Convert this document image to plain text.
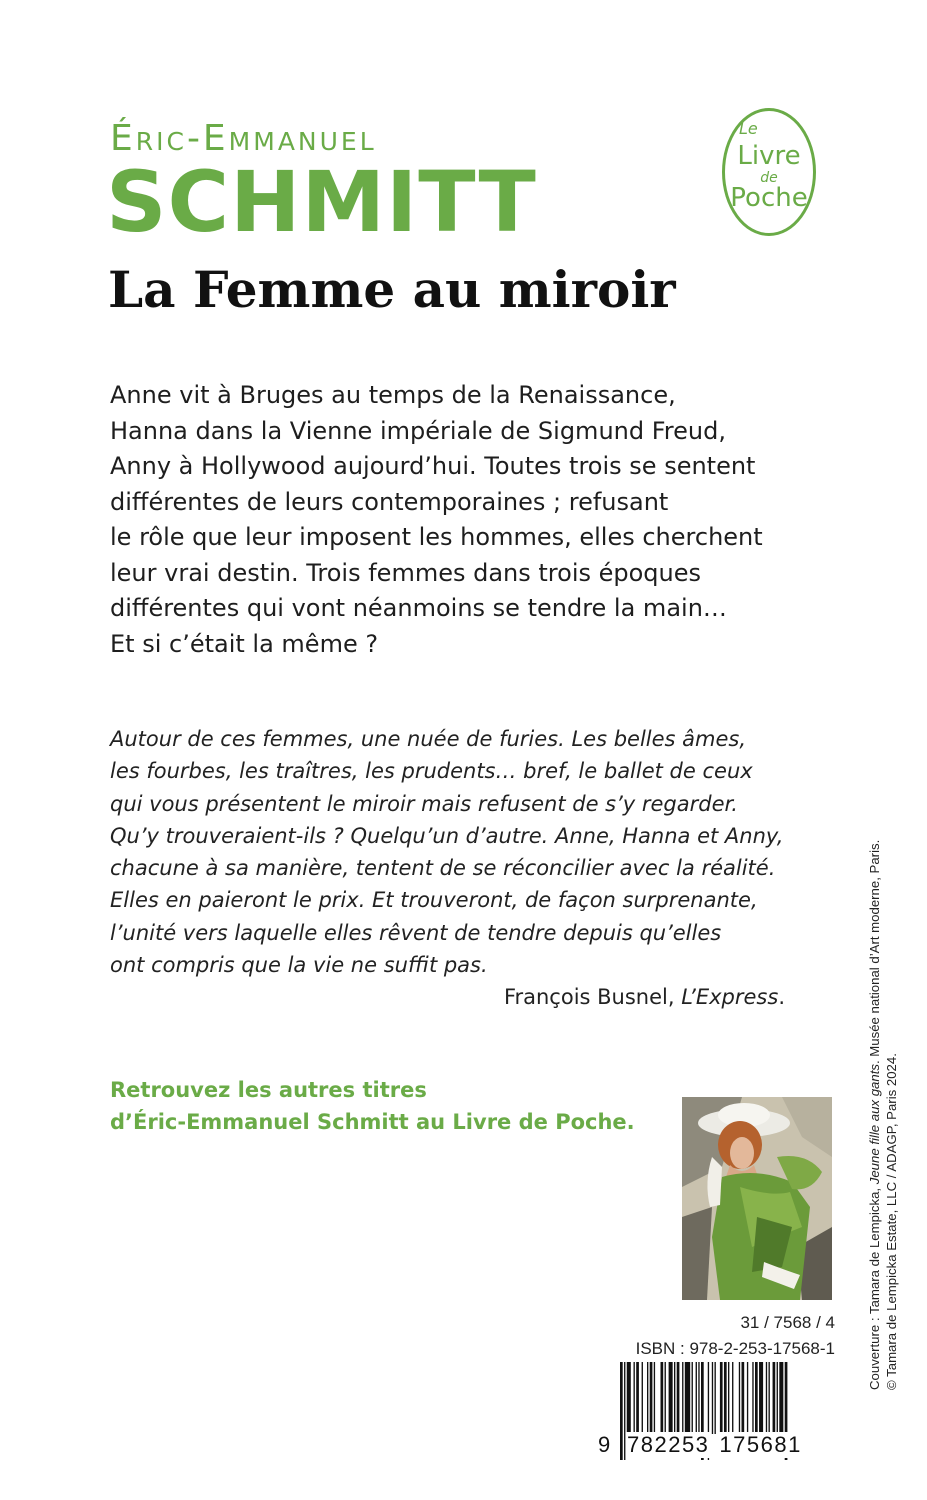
Éric-Emmanuel
SCHMITT
La Femme au miroir
Le
Livre
de
Poche
Anne vit à Bruges au temps de la Renaissance,
Hanna dans la Vienne impériale de Sigmund Freud,
Anny à Hollywood aujourd’hui. Toutes trois se sentent
différentes de leurs contemporaines ; refusant
le rôle que leur imposent les hommes, elles cherchent
leur vrai destin. Trois femmes dans trois époques
différentes qui vont néanmoins se tendre la main…
Et si c’était la même ?
Autour de ces femmes, une nuée de furies. Les belles âmes,
les fourbes, les traîtres, les prudents… bref, le ballet de ceux
qui vous présentent le miroir mais refusent de s’y regarder.
Qu’y trouveraient-ils ? Quelqu’un d’autre. Anne, Hanna et Anny,
chacune à sa manière, tentent de se réconcilier avec la réalité.
Elles en paieront le prix. Et trouveront, de façon surprenante,
l’unité vers laquelle elles rêvent de tendre depuis qu’elles
ont compris que la vie ne suffit pas.
François Busnel, L’Express.
Retrouvez les autres titres
d’Éric-Emmanuel Schmitt au Livre de Poche.
31 / 7568 / 4
ISBN : 978-2-253-17568-1
9 782253 175681
Couverture : Tamara de Lempicka, Jeune fille aux gants. Musée national d’Art moderne, Paris.
© Tamara de Lempicka Estate, LLC / ADAGP, Paris 2024.
